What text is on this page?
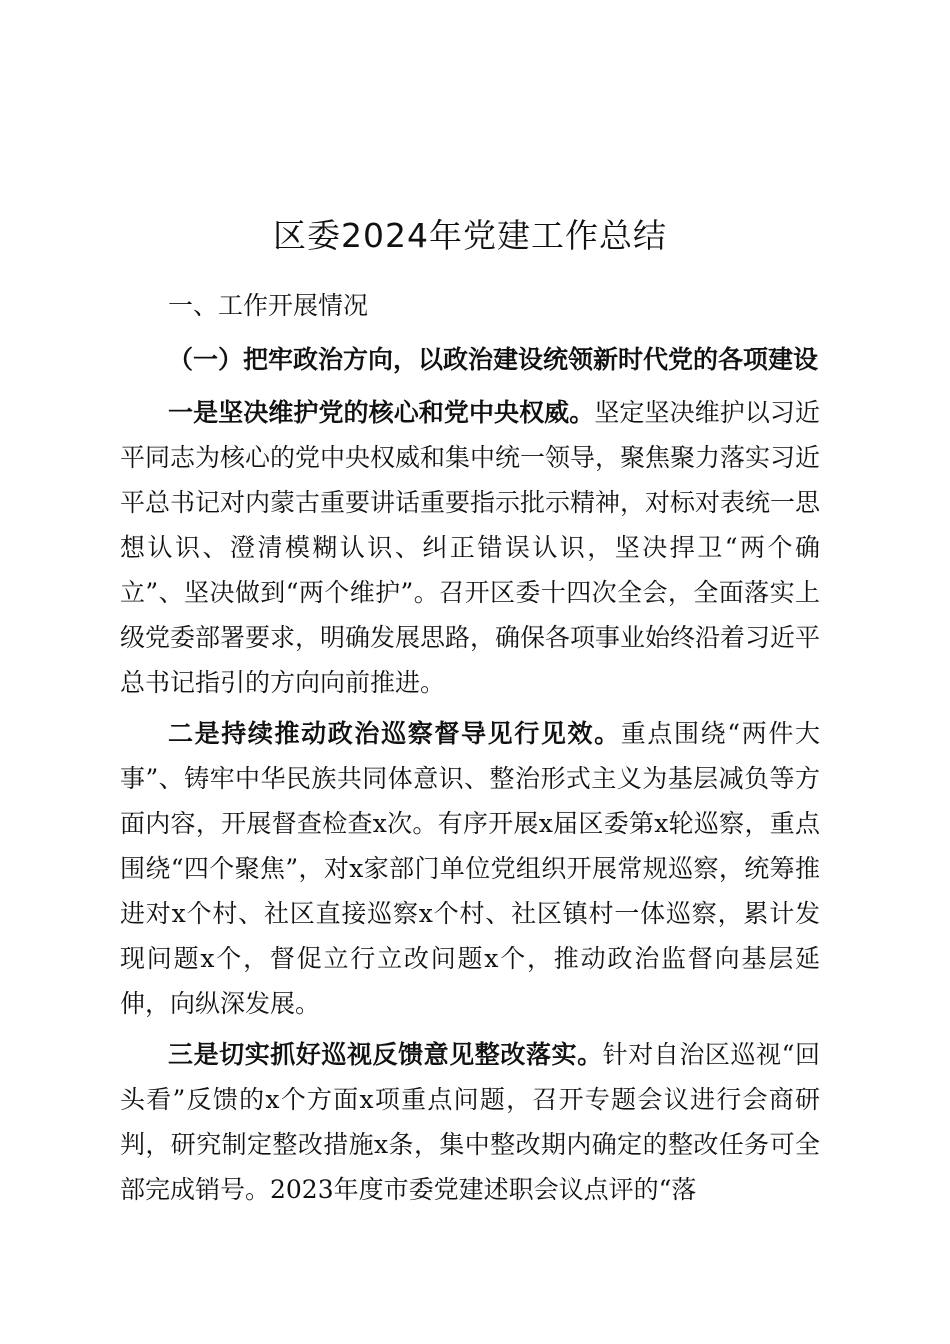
区委2024年党建工作总结
一、工作开展情况
（一）把牢政治方向，以政治建设统领新时代党的各项建设

一是坚决维护党的核心和党中央权威。坚定坚决维护以习近平同志为核心的党中央权威和集中统一领导，聚焦聚力落实习近平总书记对内蒙古重要讲话重要指示批示精神，对标对表统一思想认识、澄清模糊认识、纠正错误认识，坚决捍卫“两个确立”、坚决做到“两个维护”。召开区委十四次全会，全面落实上级党委部署要求，明确发展思路，确保各项事业始终沿着习近平总书记指引的方向向前推进。

二是持续推动政治巡察督导见行见效。重点围绕“两件大事”、铸牢中华民族共同体意识、整治形式主义为基层减负等方面内容，开展督查检查x次。有序开展x届区委第x轮巡察，重点围绕“四个聚焦”，对x家部门单位党组织开展常规巡察，统筹推进对x个村、社区直接巡察x个村、社区镇村一体巡察，累计发现问题x个，督促立行立改问题x个，推动政治监督向基层延伸，向纵深发展。

三是切实抓好巡视反馈意见整改落实。针对自治区巡视“回头看”反馈的x个方面x项重点问题，召开专题会议进行会商研判，研究制定整改措施x条，集中整改期内确定的整改任务可全部完成销号。2023年度市委党建述职会议点评的“落
